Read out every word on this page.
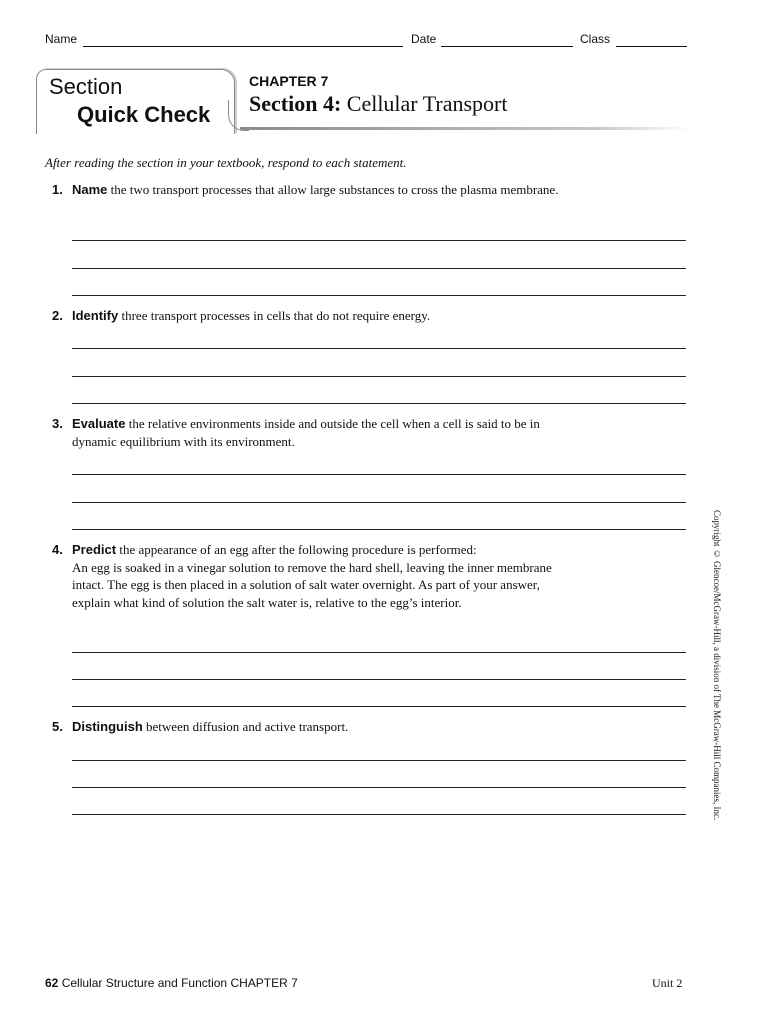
Name	Date	Class
Section
Quick Check
CHAPTER 7
Section 4: Cellular Transport
After reading the section in your textbook, respond to each statement.
1. Name the two transport processes that allow large substances to cross the plasma membrane.
2. Identify three transport processes in cells that do not require energy.
3. Evaluate the relative environments inside and outside the cell when a cell is said to be in dynamic equilibrium with its environment.
4. Predict the appearance of an egg after the following procedure is performed:
An egg is soaked in a vinegar solution to remove the hard shell, leaving the inner membrane intact. The egg is then placed in a solution of salt water overnight. As part of your answer, explain what kind of solution the salt water is, relative to the egg’s interior.
5. Distinguish between diffusion and active transport.	Copyright © Glencoe/McGraw-Hill, a division of The McGraw-Hill Companies, Inc.
62 Cellular Structure and Function CHAPTER 7	Unit 2
